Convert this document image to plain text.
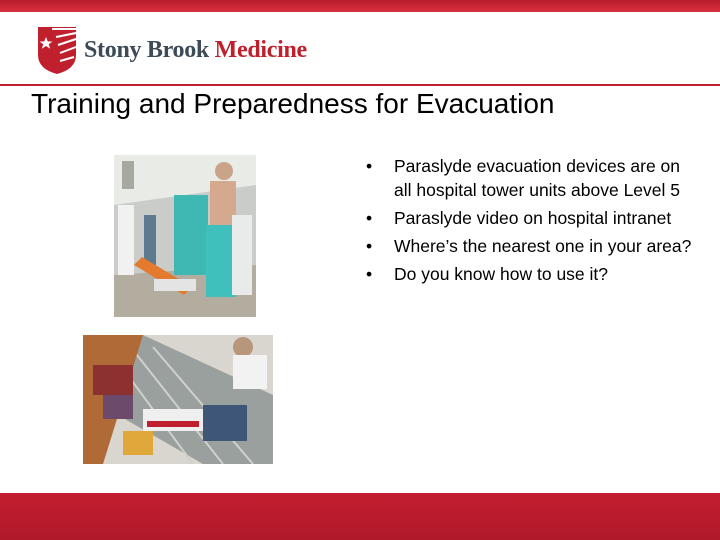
Stony Brook Medicine
Training and Preparedness for Evacuation
• Paraslyde evacuation devices are on all hospital tower units above Level 5
• Paraslyde video on hospital intranet
• Where’s the nearest one in your area?
• Do you know how to use it?
